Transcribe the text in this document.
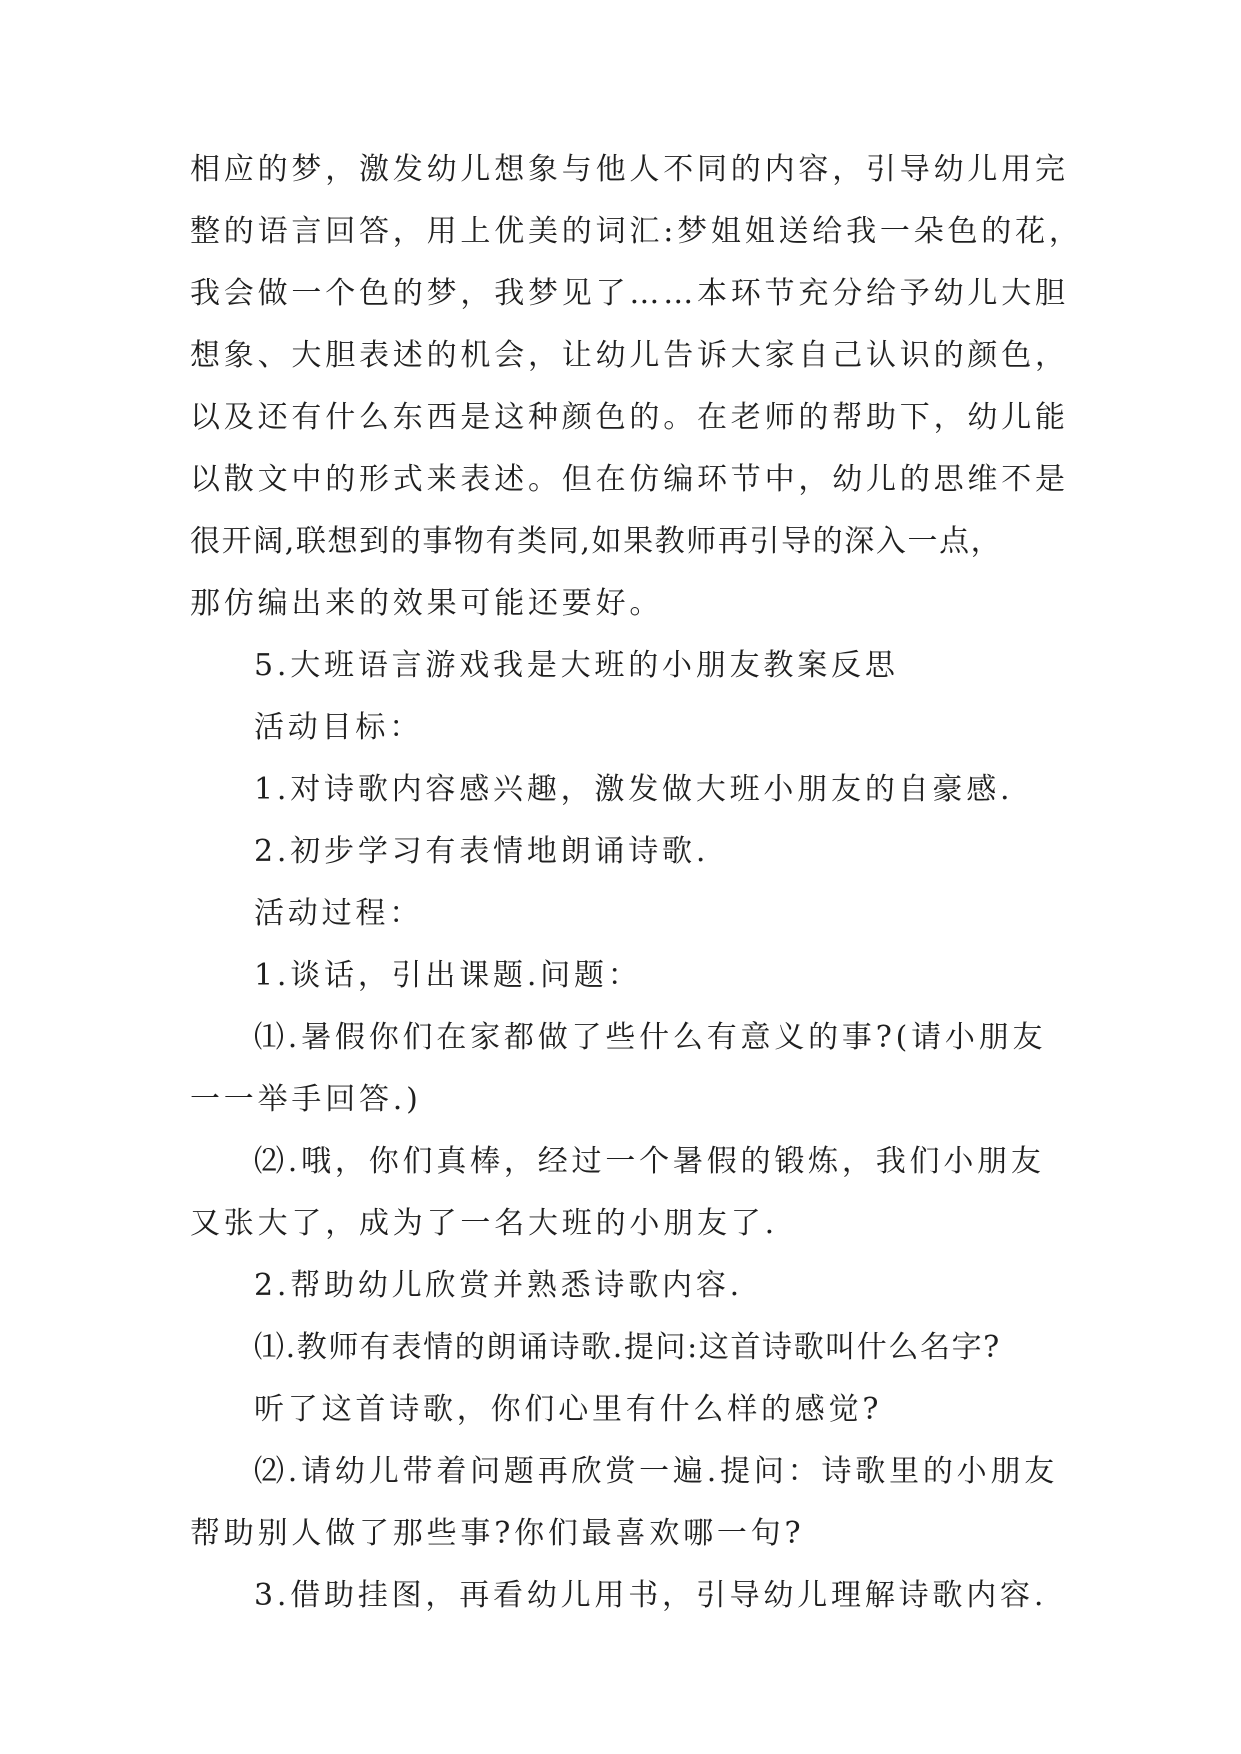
相应的梦，激发幼儿想象与他人不同的内容，引导幼儿用完
整的语言回答，用上优美的词汇:梦姐姐送给我一朵色的花，
我会做一个色的梦，我梦见了……本环节充分给予幼儿大胆
想象、大胆表述的机会，让幼儿告诉大家自己认识的颜色，
以及还有什么东西是这种颜色的。在老师的帮助下，幼儿能
以散文中的形式来表述。但在仿编环节中，幼儿的思维不是
很开阔,联想到的事物有类同,如果教师再引导的深入一点，
那仿编出来的效果可能还要好。
5.大班语言游戏我是大班的小朋友教案反思
活动目标：
1.对诗歌内容感兴趣，激发做大班小朋友的自豪感.
2.初步学习有表情地朗诵诗歌.
活动过程：
1.谈话，引出课题.问题：
⑴.暑假你们在家都做了些什么有意义的事?(请小朋友
一一举手回答.)
⑵.哦，你们真棒，经过一个暑假的锻炼，我们小朋友
又张大了，成为了一名大班的小朋友了.
2.帮助幼儿欣赏并熟悉诗歌内容.
⑴.教师有表情的朗诵诗歌.提问:这首诗歌叫什么名字?
听了这首诗歌，你们心里有什么样的感觉?
⑵.请幼儿带着问题再欣赏一遍.提问：诗歌里的小朋友
帮助别人做了那些事?你们最喜欢哪一句?
3.借助挂图，再看幼儿用书，引导幼儿理解诗歌内容.
